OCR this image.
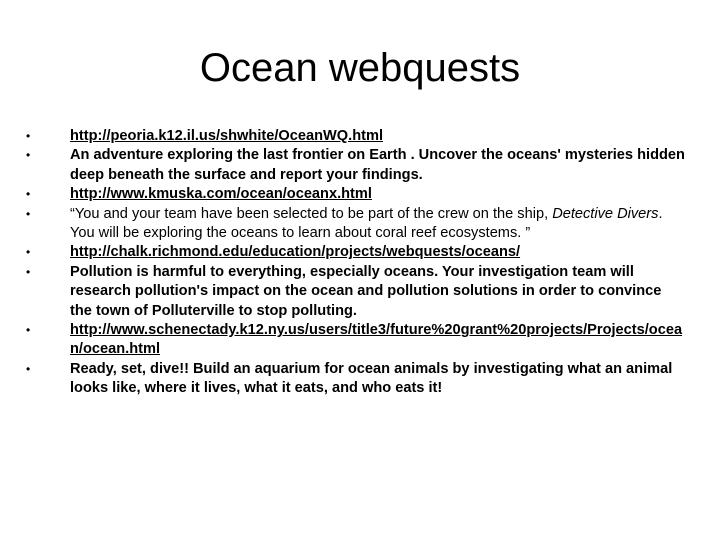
Ocean webquests
•	http://peoria.k12.il.us/shwhite/OceanWQ.html
•	An adventure exploring the last frontier on Earth . Uncover the oceans' mysteries hidden deep beneath the surface and report your findings.
•	http://www.kmuska.com/ocean/oceanx.html
•	“You and your team have been selected to be part of the crew on the ship, Detective Divers. You will be exploring the oceans to learn about coral reef ecosystems. ”
•	http://chalk.richmond.edu/education/projects/webquests/oceans/
•	Pollution is harmful to everything, especially oceans. Your investigation team will research pollution's impact on the ocean and pollution solutions in order to convince the town of Polluterville to stop polluting.
•	http://www.schenectady.k12.ny.us/users/title3/future%20grant%20projects/Projects/ocean/ocean.html
•	Ready, set, dive!! Build an aquarium for ocean animals by investigating what an animal looks like, where it lives, what it eats, and who eats it!
